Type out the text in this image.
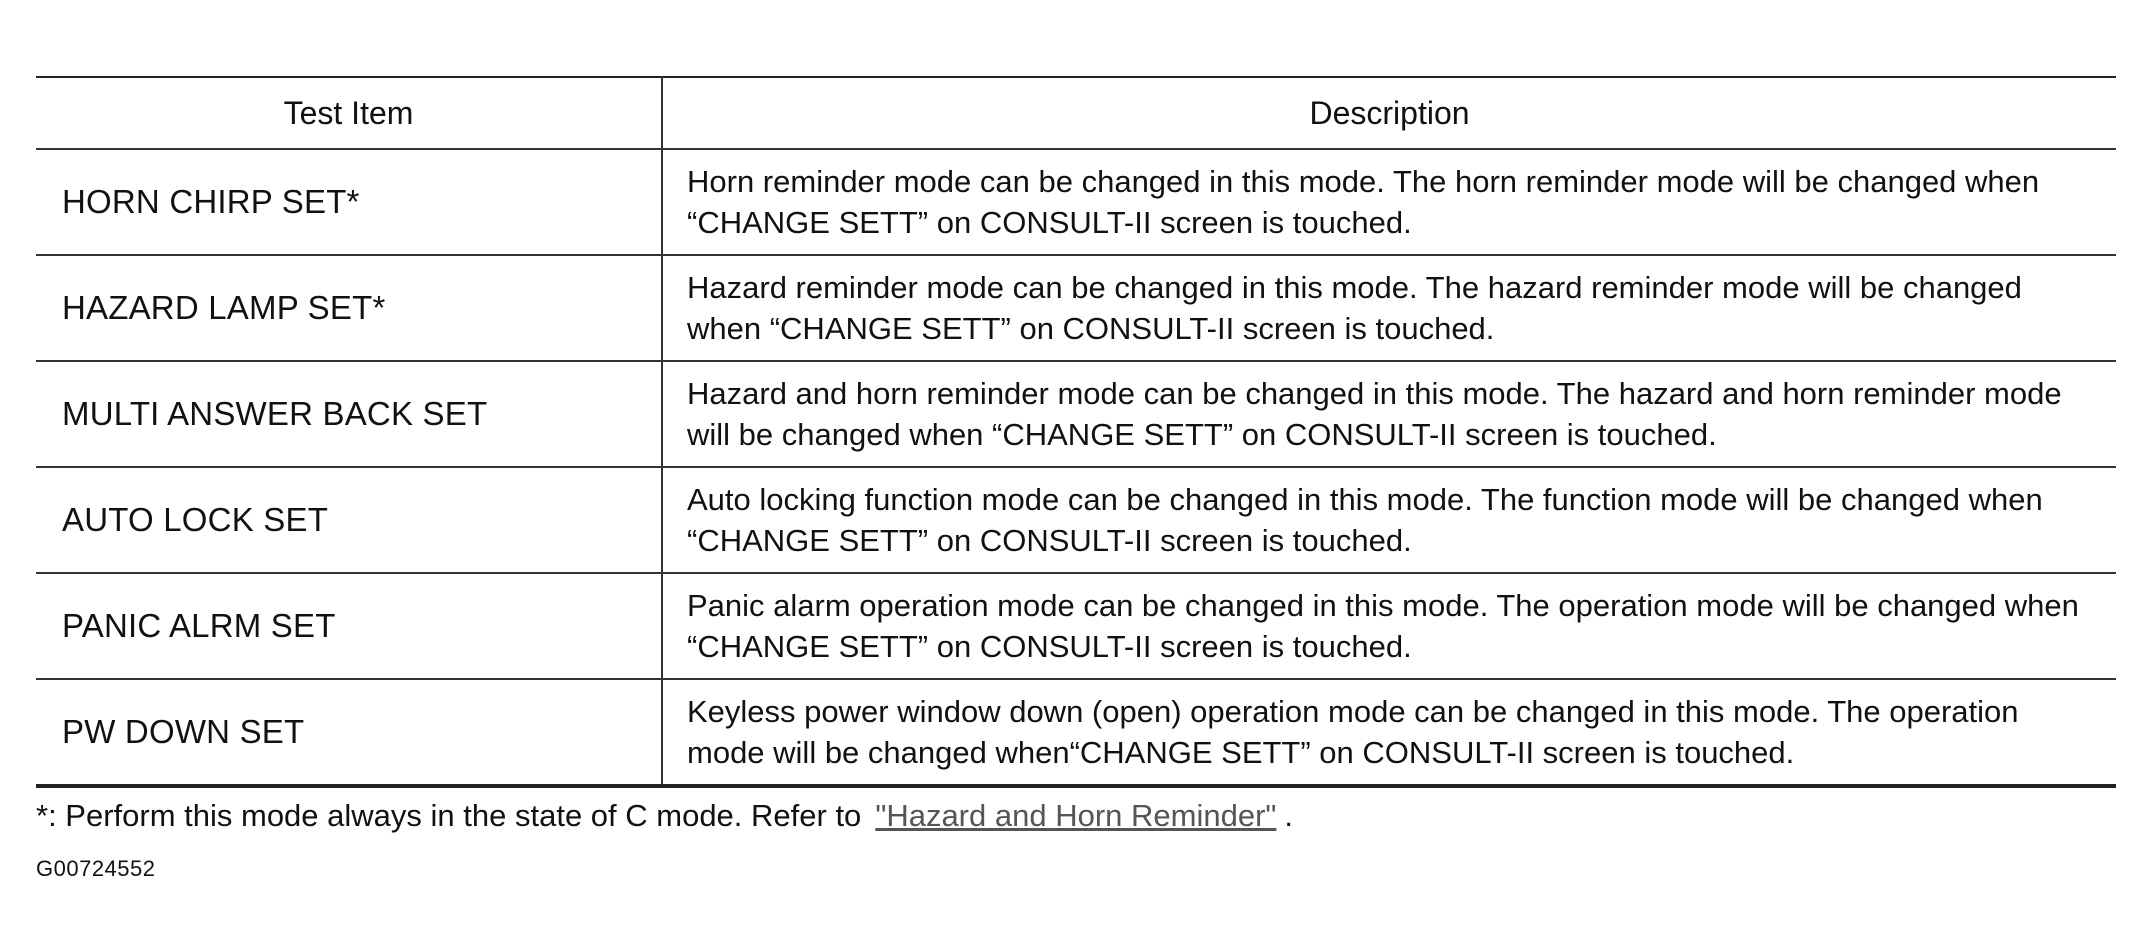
Test Item	Description
HORN CHIRP SET*	Horn reminder mode can be changed in this mode. The horn reminder mode will be changed when “CHANGE SETT” on CONSULT-II screen is touched.
HAZARD LAMP SET*	Hazard reminder mode can be changed in this mode. The hazard reminder mode will be changed when “CHANGE SETT” on CONSULT-II screen is touched.
MULTI ANSWER BACK SET	Hazard and horn reminder mode can be changed in this mode. The hazard and horn reminder mode will be changed when “CHANGE SETT” on CONSULT-II screen is touched.
AUTO LOCK SET	Auto locking function mode can be changed in this mode. The function mode will be changed when “CHANGE SETT” on CONSULT-II screen is touched.
PANIC ALRM SET	Panic alarm operation mode can be changed in this mode. The operation mode will be changed when “CHANGE SETT” on CONSULT-II screen is touched.
PW DOWN SET	Keyless power window down (open) operation mode can be changed in this mode. The operation mode will be changed when“CHANGE SETT” on CONSULT-II screen is touched.
*: Perform this mode always in the state of C mode. Refer to "Hazard and Horn Reminder" .
G00724552
